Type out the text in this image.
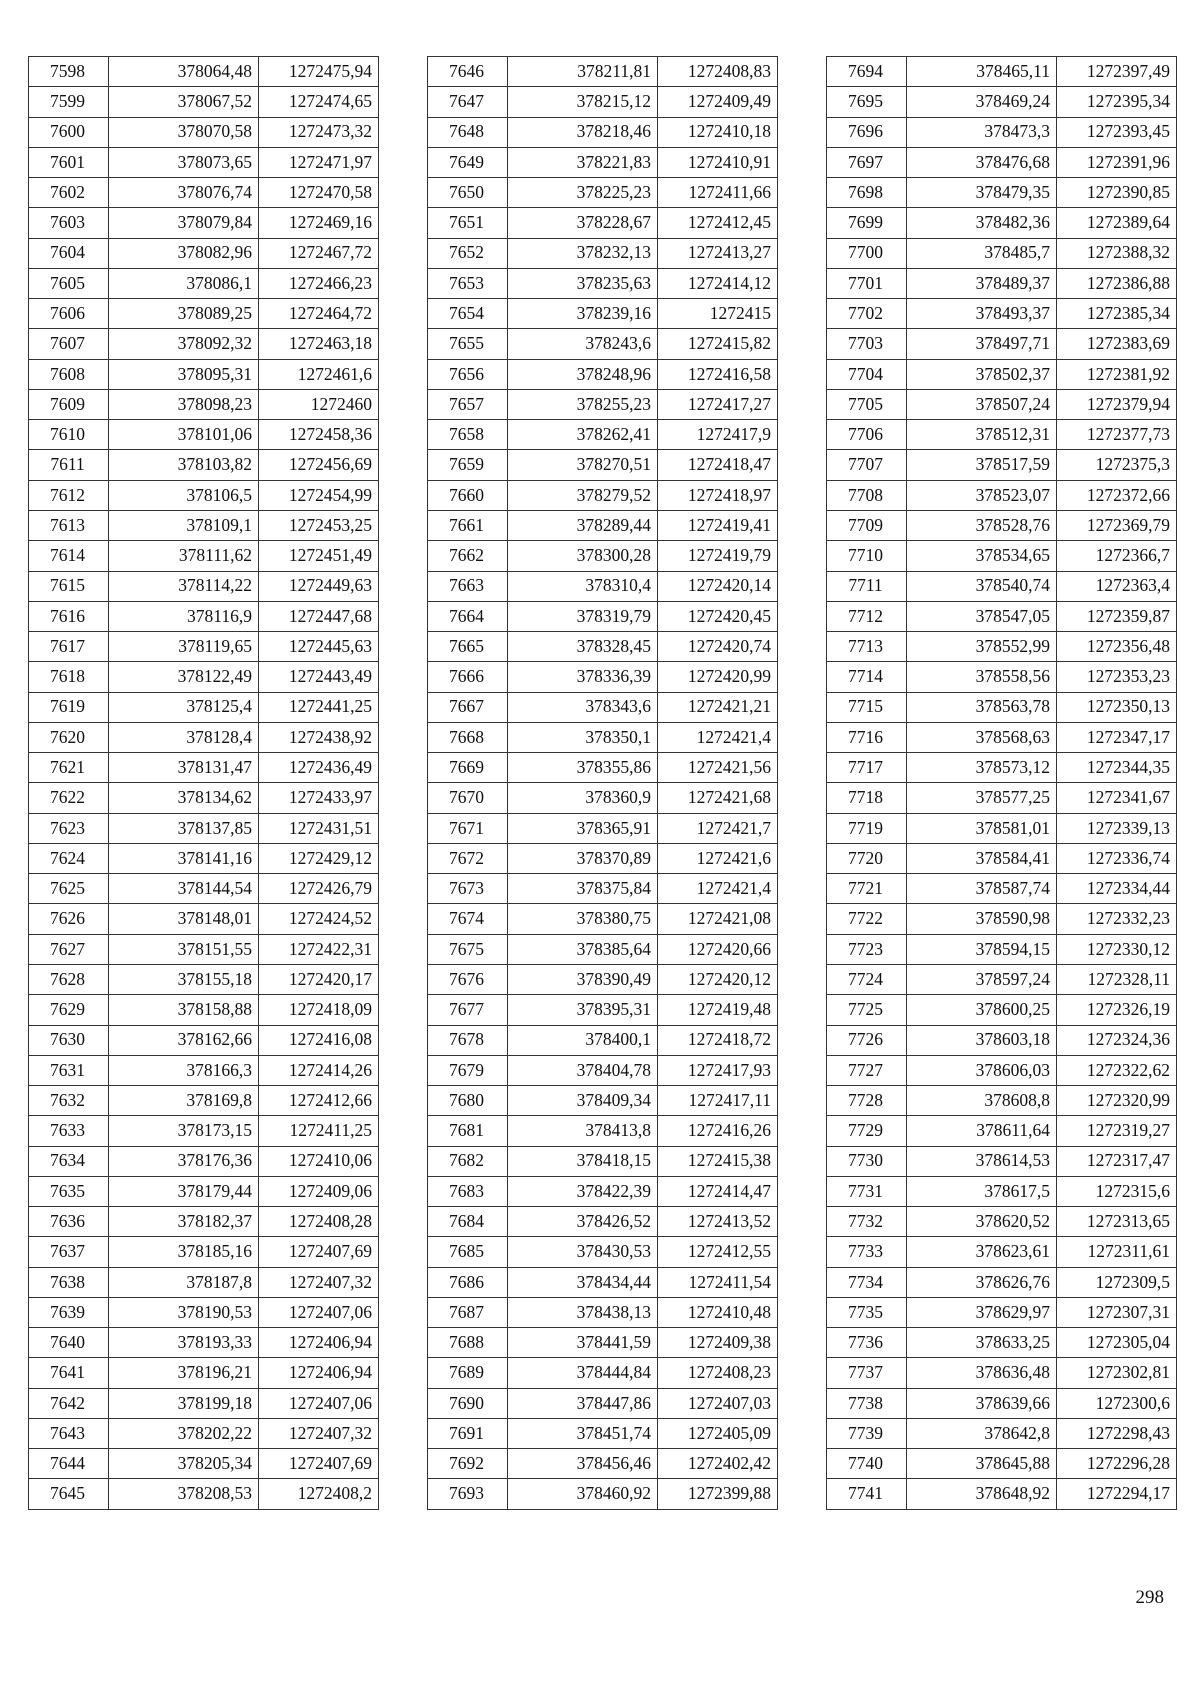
7598	378064,48	1272475,94
7599	378067,52	1272474,65
7600	378070,58	1272473,32
7601	378073,65	1272471,97
7602	378076,74	1272470,58
7603	378079,84	1272469,16
7604	378082,96	1272467,72
7605	378086,1	1272466,23
7606	378089,25	1272464,72
7607	378092,32	1272463,18
7608	378095,31	1272461,6
7609	378098,23	1272460
7610	378101,06	1272458,36
7611	378103,82	1272456,69
7612	378106,5	1272454,99
7613	378109,1	1272453,25
7614	378111,62	1272451,49
7615	378114,22	1272449,63
7616	378116,9	1272447,68
7617	378119,65	1272445,63
7618	378122,49	1272443,49
7619	378125,4	1272441,25
7620	378128,4	1272438,92
7621	378131,47	1272436,49
7622	378134,62	1272433,97
7623	378137,85	1272431,51
7624	378141,16	1272429,12
7625	378144,54	1272426,79
7626	378148,01	1272424,52
7627	378151,55	1272422,31
7628	378155,18	1272420,17
7629	378158,88	1272418,09
7630	378162,66	1272416,08
7631	378166,3	1272414,26
7632	378169,8	1272412,66
7633	378173,15	1272411,25
7634	378176,36	1272410,06
7635	378179,44	1272409,06
7636	378182,37	1272408,28
7637	378185,16	1272407,69
7638	378187,8	1272407,32
7639	378190,53	1272407,06
7640	378193,33	1272406,94
7641	378196,21	1272406,94
7642	378199,18	1272407,06
7643	378202,22	1272407,32
7644	378205,34	1272407,69
7645	378208,53	1272408,2
7646	378211,81	1272408,83
7647	378215,12	1272409,49
7648	378218,46	1272410,18
7649	378221,83	1272410,91
7650	378225,23	1272411,66
7651	378228,67	1272412,45
7652	378232,13	1272413,27
7653	378235,63	1272414,12
7654	378239,16	1272415
7655	378243,6	1272415,82
7656	378248,96	1272416,58
7657	378255,23	1272417,27
7658	378262,41	1272417,9
7659	378270,51	1272418,47
7660	378279,52	1272418,97
7661	378289,44	1272419,41
7662	378300,28	1272419,79
7663	378310,4	1272420,14
7664	378319,79	1272420,45
7665	378328,45	1272420,74
7666	378336,39	1272420,99
7667	378343,6	1272421,21
7668	378350,1	1272421,4
7669	378355,86	1272421,56
7670	378360,9	1272421,68
7671	378365,91	1272421,7
7672	378370,89	1272421,6
7673	378375,84	1272421,4
7674	378380,75	1272421,08
7675	378385,64	1272420,66
7676	378390,49	1272420,12
7677	378395,31	1272419,48
7678	378400,1	1272418,72
7679	378404,78	1272417,93
7680	378409,34	1272417,11
7681	378413,8	1272416,26
7682	378418,15	1272415,38
7683	378422,39	1272414,47
7684	378426,52	1272413,52
7685	378430,53	1272412,55
7686	378434,44	1272411,54
7687	378438,13	1272410,48
7688	378441,59	1272409,38
7689	378444,84	1272408,23
7690	378447,86	1272407,03
7691	378451,74	1272405,09
7692	378456,46	1272402,42
7693	378460,92	1272399,88
7694	378465,11	1272397,49
7695	378469,24	1272395,34
7696	378473,3	1272393,45
7697	378476,68	1272391,96
7698	378479,35	1272390,85
7699	378482,36	1272389,64
7700	378485,7	1272388,32
7701	378489,37	1272386,88
7702	378493,37	1272385,34
7703	378497,71	1272383,69
7704	378502,37	1272381,92
7705	378507,24	1272379,94
7706	378512,31	1272377,73
7707	378517,59	1272375,3
7708	378523,07	1272372,66
7709	378528,76	1272369,79
7710	378534,65	1272366,7
7711	378540,74	1272363,4
7712	378547,05	1272359,87
7713	378552,99	1272356,48
7714	378558,56	1272353,23
7715	378563,78	1272350,13
7716	378568,63	1272347,17
7717	378573,12	1272344,35
7718	378577,25	1272341,67
7719	378581,01	1272339,13
7720	378584,41	1272336,74
7721	378587,74	1272334,44
7722	378590,98	1272332,23
7723	378594,15	1272330,12
7724	378597,24	1272328,11
7725	378600,25	1272326,19
7726	378603,18	1272324,36
7727	378606,03	1272322,62
7728	378608,8	1272320,99
7729	378611,64	1272319,27
7730	378614,53	1272317,47
7731	378617,5	1272315,6
7732	378620,52	1272313,65
7733	378623,61	1272311,61
7734	378626,76	1272309,5
7735	378629,97	1272307,31
7736	378633,25	1272305,04
7737	378636,48	1272302,81
7738	378639,66	1272300,6
7739	378642,8	1272298,43
7740	378645,88	1272296,28
7741	378648,92	1272294,17
298
